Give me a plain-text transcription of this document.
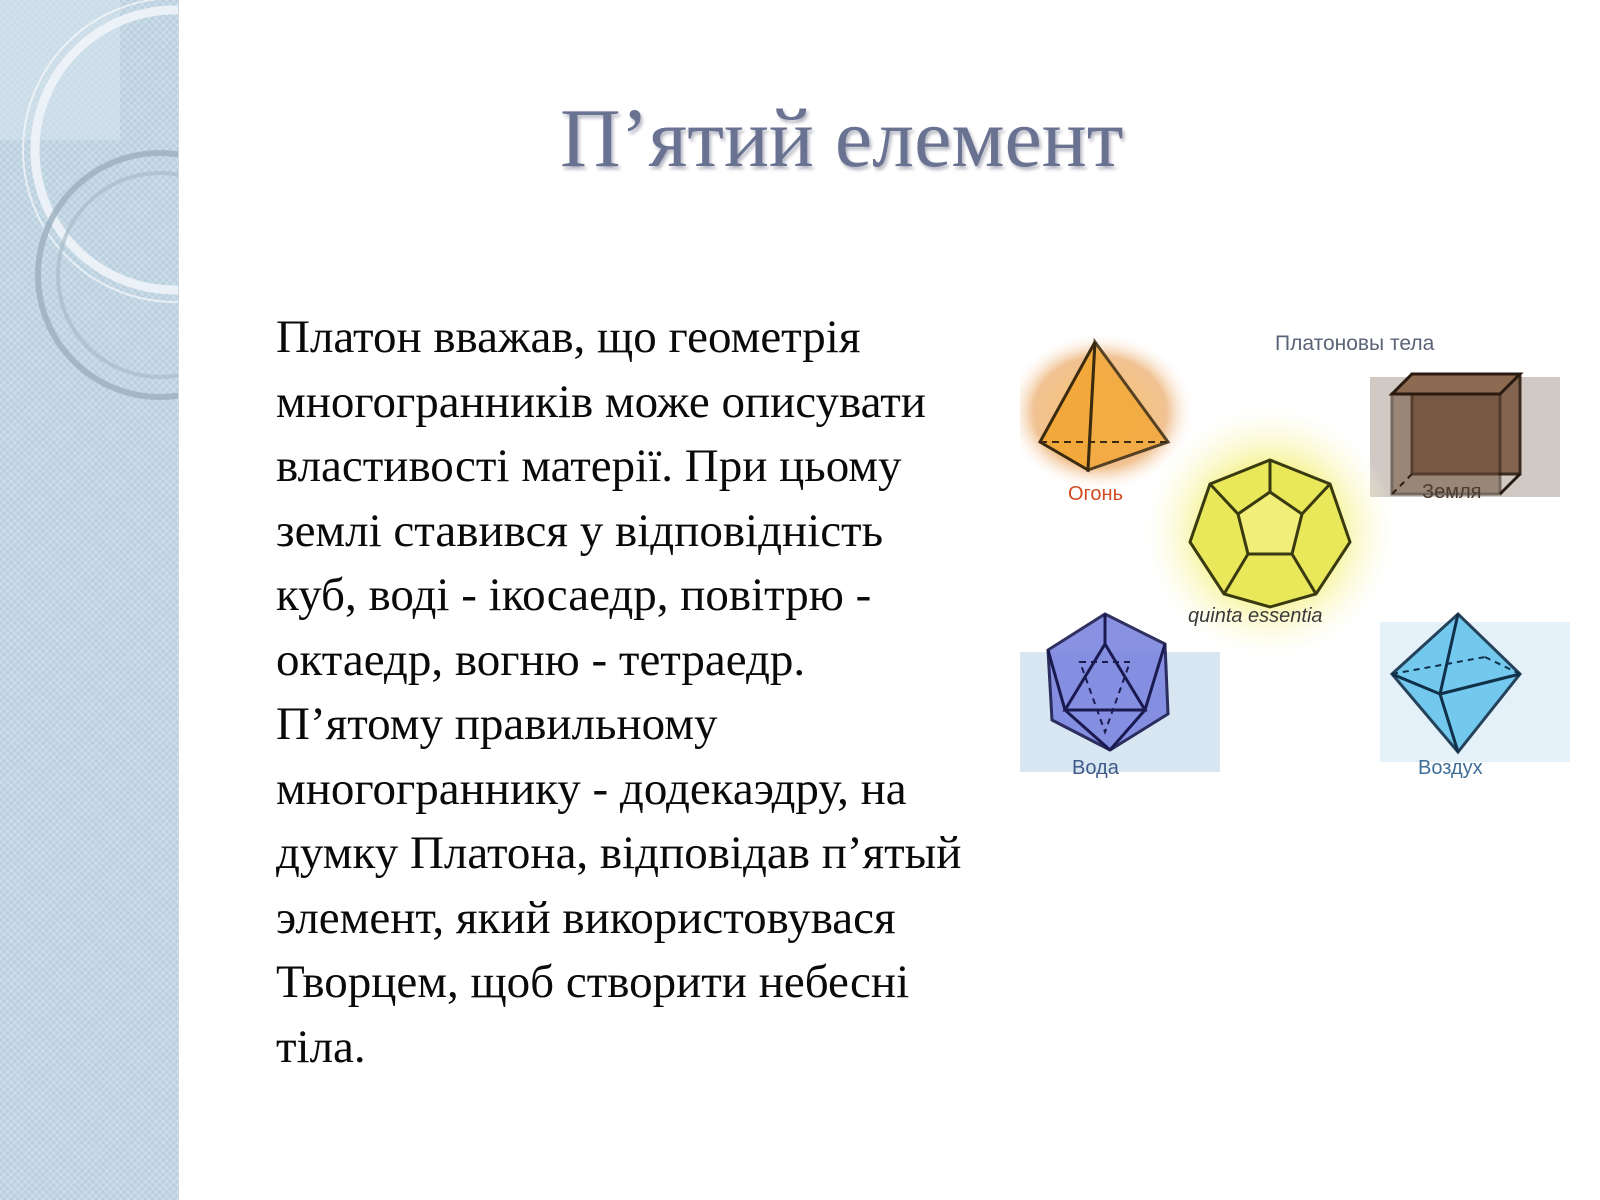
П’ятий елемент

Платон вважав, що геометрія
многогранників може описувати
властивості матерії. При цьому
землі ставився у відповідність
куб, воді - ікосаедр, повітрю -
октаедр, вогню - тетраедр.
П’ятому правильному
многограннику - додекаэдру, на
думку Платона, відповідав п’ятый
элемент, який використовувася
Творцем, щоб створити небесні
тіла.

Платоновы тела
Огонь	Земля
quinta essentia
Вода	Воздух
